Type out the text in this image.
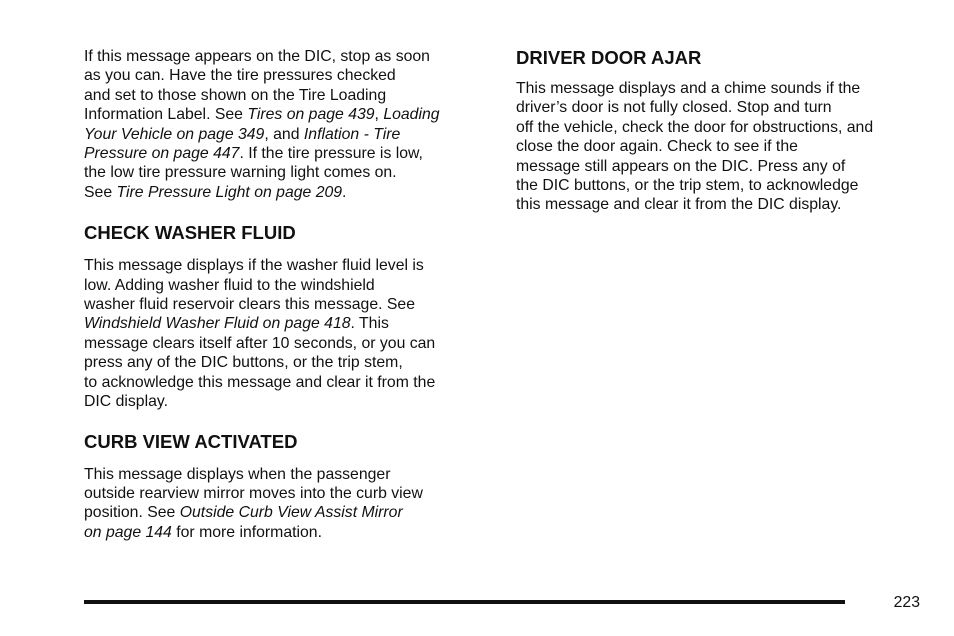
If this message appears on the DIC, stop as soon
as you can. Have the tire pressures checked
and set to those shown on the Tire Loading
Information Label. See Tires on page 439, Loading
Your Vehicle on page 349, and Inflation - Tire
Pressure on page 447. If the tire pressure is low,
the low tire pressure warning light comes on.
See Tire Pressure Light on page 209.

CHECK WASHER FLUID

This message displays if the washer fluid level is
low. Adding washer fluid to the windshield
washer fluid reservoir clears this message. See
Windshield Washer Fluid on page 418. This
message clears itself after 10 seconds, or you can
press any of the DIC buttons, or the trip stem,
to acknowledge this message and clear it from the
DIC display.

CURB VIEW ACTIVATED

This message displays when the passenger
outside rearview mirror moves into the curb view
position. See Outside Curb View Assist Mirror
on page 144 for more information.

DRIVER DOOR AJAR

This message displays and a chime sounds if the
driver’s door is not fully closed. Stop and turn
off the vehicle, check the door for obstructions, and
close the door again. Check to see if the
message still appears on the DIC. Press any of
the DIC buttons, or the trip stem, to acknowledge
this message and clear it from the DIC display.

223
